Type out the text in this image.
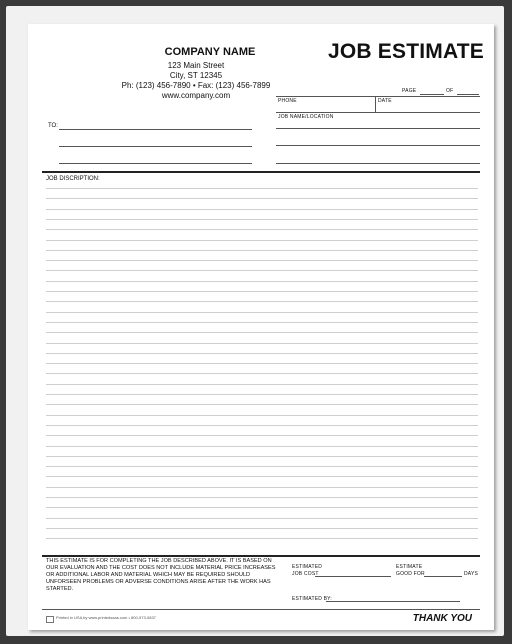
COMPANY NAME
123 Main Street
City, ST 12345
Ph: (123) 456-7890 • Fax: (123) 456-7899
www.company.com
JOB ESTIMATE
PAGE	OF
PHONE	DATE
JOB NAME/LOCATION
TO:
JOB DISCRIPTION:
THIS ESTIMATE IS FOR COMPLETING THE JOB DESCRIBED ABOVE. IT IS BASED ON OUR EVALUATION AND THE COST DOES NOT INCLUDE MATERIAL PRICE INCREASES OR ADDITIONAL LABOR AND MATERIAL WHICH MAY BE REQUIRED SHOULD UNFORSEEN PROBLEMS OR ADVERSE CONDITIONS ARISE AFTER THE WORK HAS STARTED.
ESTIMATED
JOB COST
ESTIMATE
GOOD FOR	DAYS
ESTIMATED BY:
Printed in USA by www.printedsaas.com • 800-573-0837	THANK YOU
